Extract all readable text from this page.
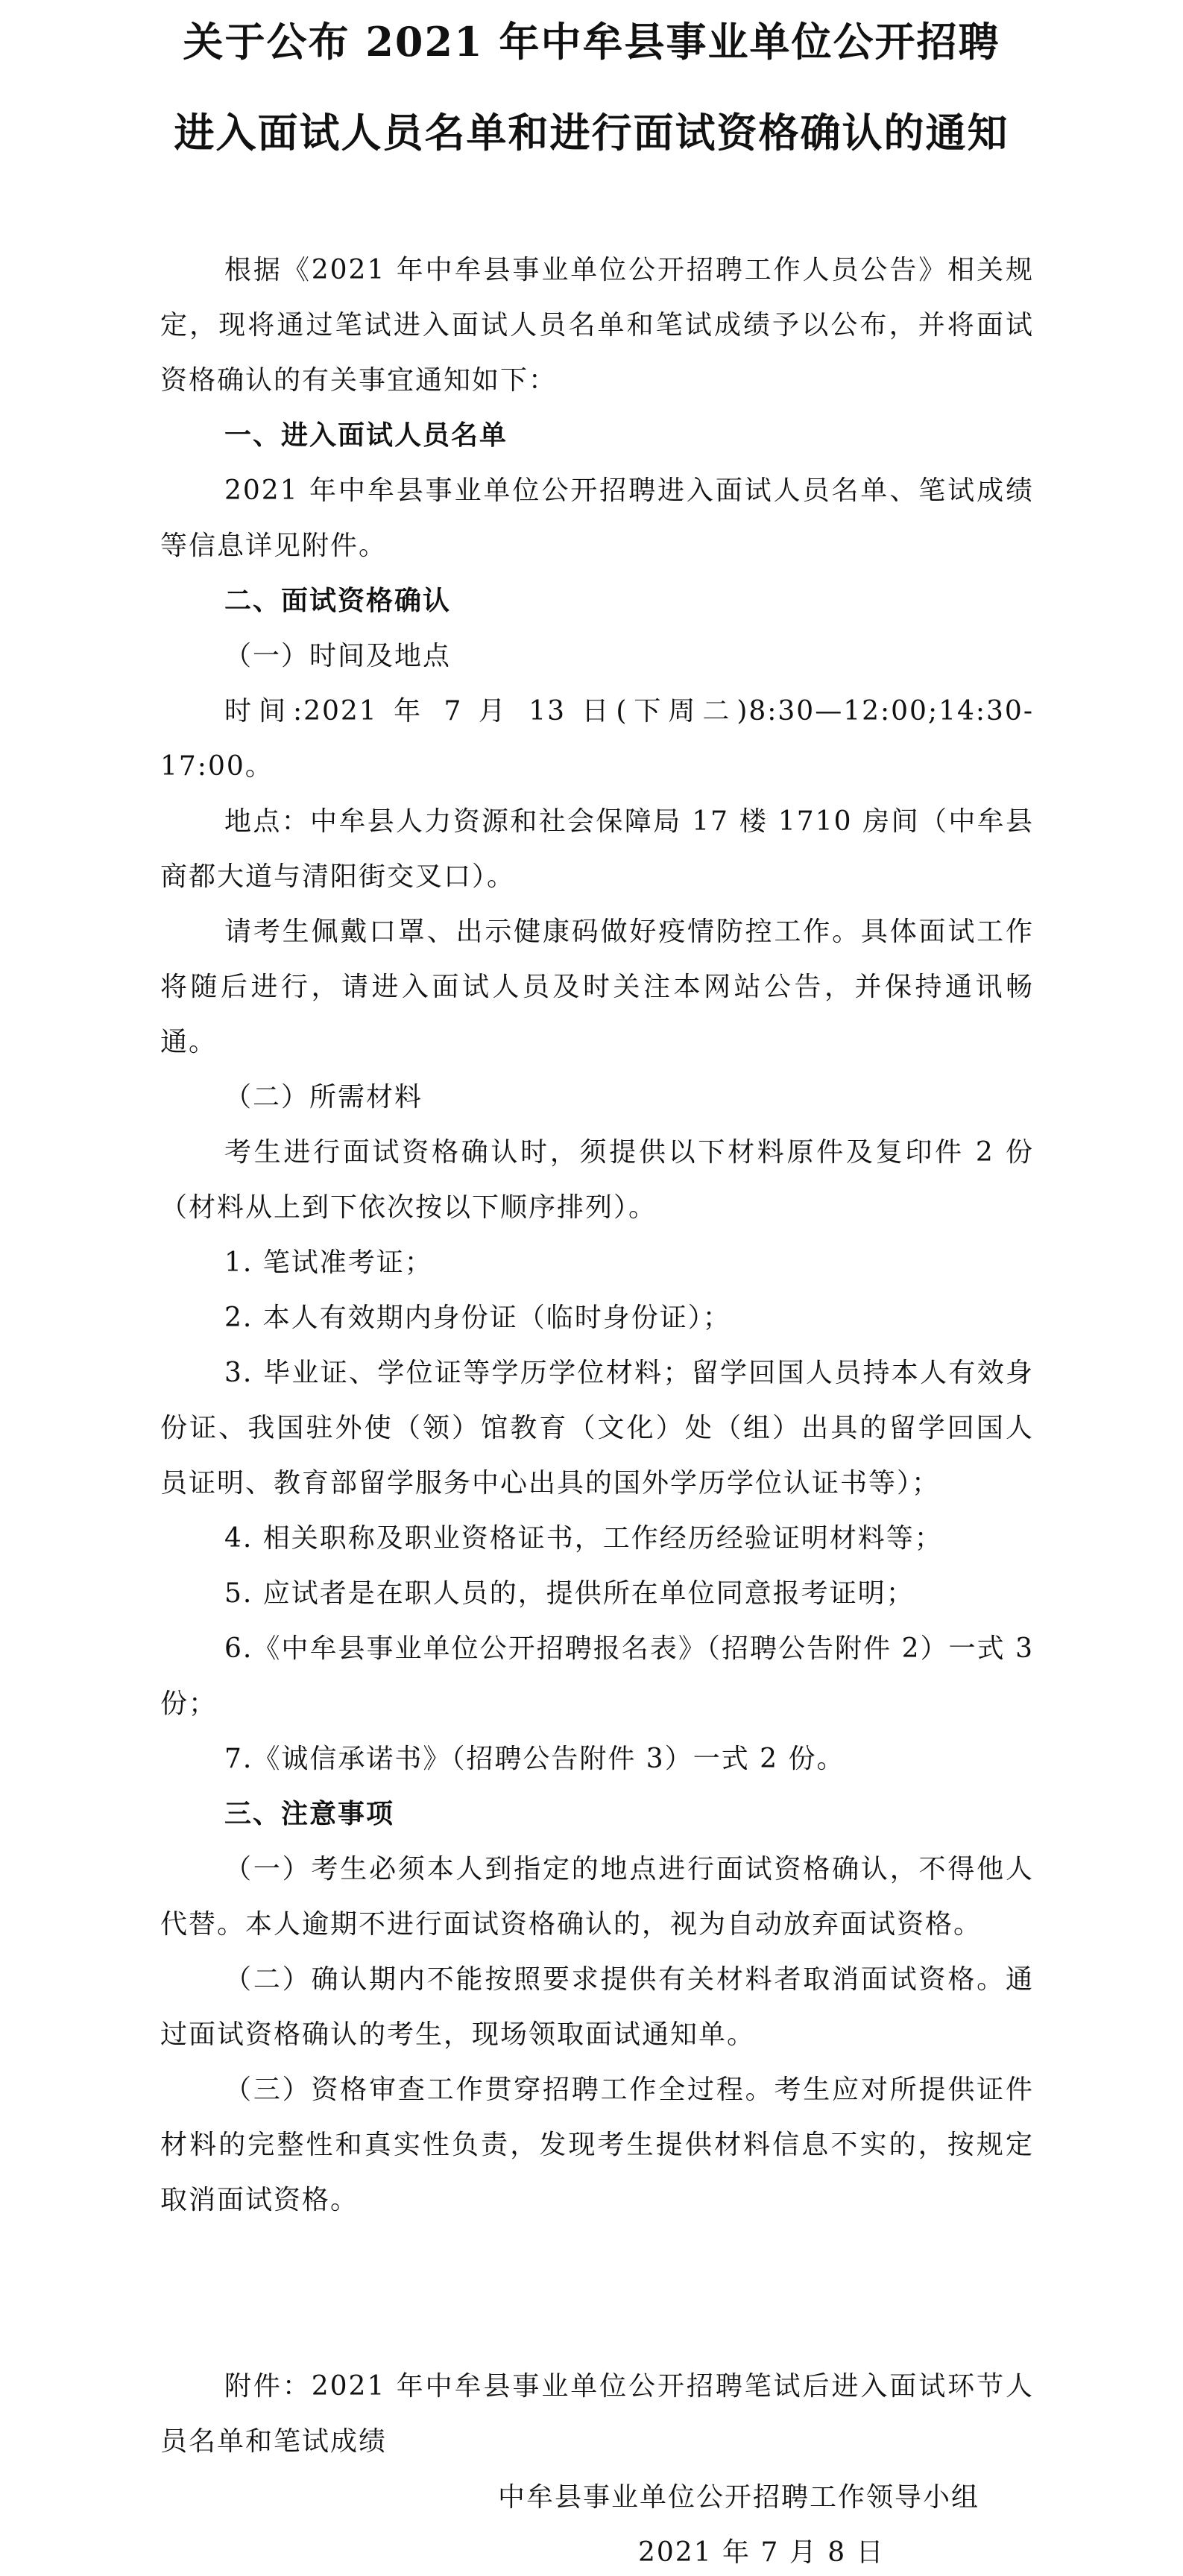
关于公布 2021 年中牟县事业单位公开招聘
进入面试人员名单和进行面试资格确认的通知

根据《2021 年中牟县事业单位公开招聘工作人员公告》相关规定，现将通过笔试进入面试人员名单和笔试成绩予以公布，并将面试资格确认的有关事宜通知如下：

一、进入面试人员名单

2021 年中牟县事业单位公开招聘进入面试人员名单、笔试成绩等信息详见附件。

二、面试资格确认

（一）时间及地点

时间:2021 年 7 月 13 日(下周二)8:30—12:00;14:30-17:00。

地点：中牟县人力资源和社会保障局 17 楼 1710 房间（中牟县商都大道与清阳街交叉口）。

请考生佩戴口罩、出示健康码做好疫情防控工作。具体面试工作将随后进行，请进入面试人员及时关注本网站公告，并保持通讯畅通。

（二）所需材料

考生进行面试资格确认时，须提供以下材料原件及复印件 2 份（材料从上到下依次按以下顺序排列）。

1. 笔试准考证；

2. 本人有效期内身份证（临时身份证）；

3. 毕业证、学位证等学历学位材料；留学回国人员持本人有效身份证、我国驻外使（领）馆教育（文化）处（组）出具的留学回国人员证明、教育部留学服务中心出具的国外学历学位认证书等）；

4. 相关职称及职业资格证书，工作经历经验证明材料等；

5. 应试者是在职人员的，提供所在单位同意报考证明；

6.《中牟县事业单位公开招聘报名表》（招聘公告附件 2）一式 3 份；

7.《诚信承诺书》（招聘公告附件 3）一式 2 份。

三、注意事项

（一）考生必须本人到指定的地点进行面试资格确认，不得他人代替。本人逾期不进行面试资格确认的，视为自动放弃面试资格。

（二）确认期内不能按照要求提供有关材料者取消面试资格。通过面试资格确认的考生，现场领取面试通知单。

（三）资格审查工作贯穿招聘工作全过程。考生应对所提供证件材料的完整性和真实性负责，发现考生提供材料信息不实的，按规定取消面试资格。

附件：2021 年中牟县事业单位公开招聘笔试后进入面试环节人员名单和笔试成绩

中牟县事业单位公开招聘工作领导小组
2021 年 7 月 8 日
